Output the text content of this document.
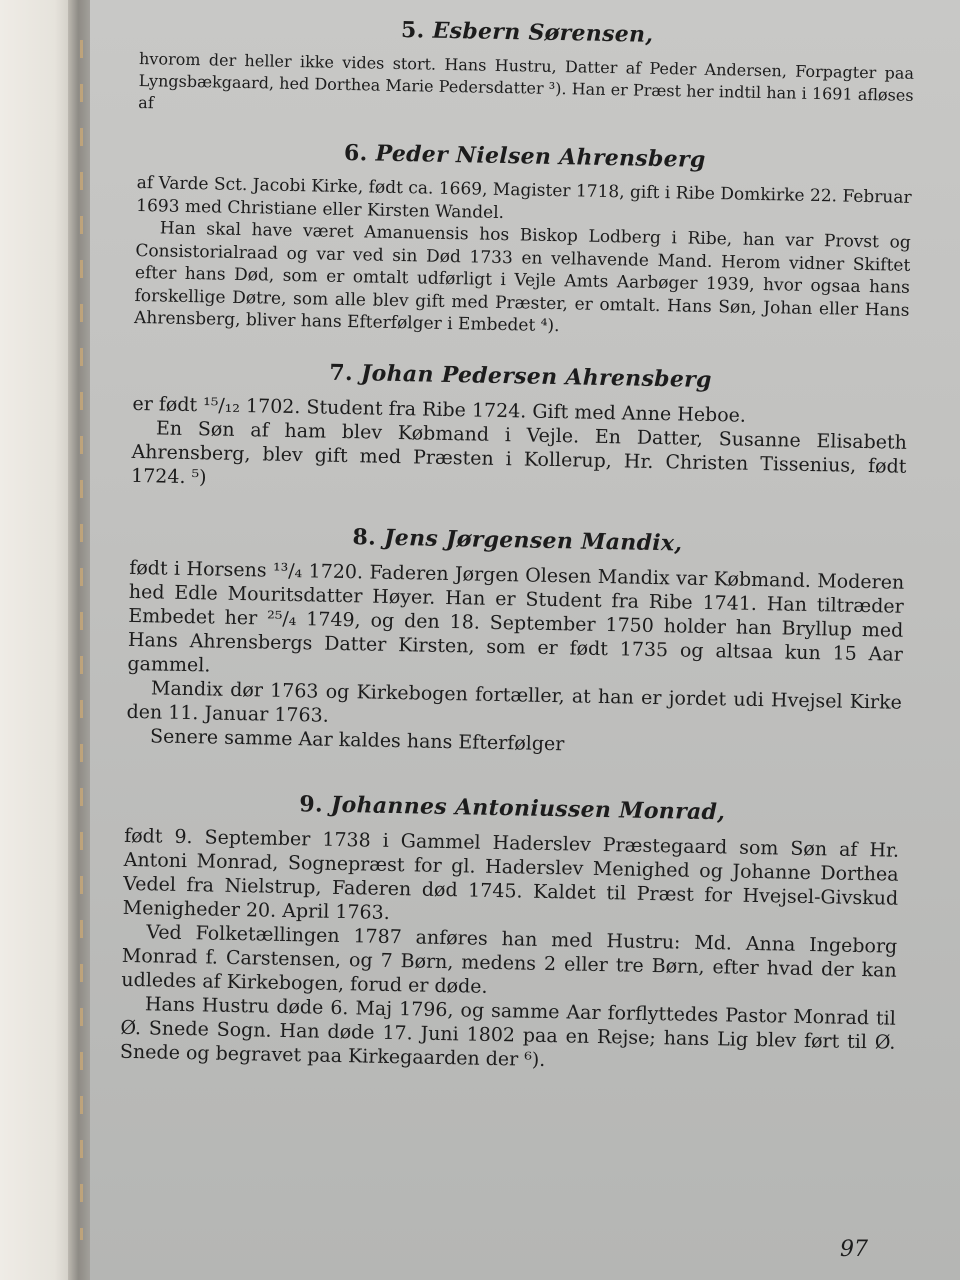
5. Esbern Sørensen,

hvorom der heller ikke vides stort. Hans Hustru, Datter af Peder Andersen, Forpagter paa Lyngsbækgaard, hed Dorthea Marie Pedersdatter ³). Han er Præst her indtil han i 1691 afløses af

6. Peder Nielsen Ahrensberg

af Varde Sct. Jacobi Kirke, født ca. 1669, Magister 1718, gift i Ribe Domkirke 22. Februar 1693 med Christiane eller Kirsten Wandel.

Han skal have været Amanuensis hos Biskop Lodberg i Ribe, han var Provst og Consistorialraad og var ved sin Død 1733 en velhavende Mand. Herom vidner Skiftet efter hans Død, som er omtalt udførligt i Vejle Amts Aarbøger 1939, hvor ogsaa hans forskellige Døtre, som alle blev gift med Præster, er omtalt. Hans Søn, Johan eller Hans Ahrensberg, bliver hans Efterfølger i Embedet ⁴).

7. Johan Pedersen Ahrensberg

er født ¹⁵/₁₂ 1702. Student fra Ribe 1724. Gift med Anne Heboe.

En Søn af ham blev Købmand i Vejle. En Datter, Susanne Elisabeth Ahrensberg, blev gift med Præsten i Kollerup, Hr. Christen Tissenius, født 1724. ⁵)

8. Jens Jørgensen Mandix,

født i Horsens ¹³/₄ 1720. Faderen Jørgen Olesen Mandix var Købmand. Moderen hed Edle Mouritsdatter Høyer. Han er Student fra Ribe 1741. Han tiltræder Embedet her ²⁵/₄ 1749, og den 18. September 1750 holder han Bryllup med Hans Ahrensbergs Datter Kirsten, som er født 1735 og altsaa kun 15 Aar gammel.

Mandix dør 1763 og Kirkebogen fortæller, at han er jordet udi Hvejsel Kirke den 11. Januar 1763.

Senere samme Aar kaldes hans Efterfølger

9. Johannes Antoniussen Monrad,

født 9. September 1738 i Gammel Haderslev Præstegaard som Søn af Hr. Antoni Monrad, Sognepræst for gl. Haderslev Menighed og Johanne Dorthea Vedel fra Nielstrup, Faderen død 1745. Kaldet til Præst for Hvejsel-Givskud Menigheder 20. April 1763.

Ved Folketællingen 1787 anføres han med Hustru: Md. Anna Ingeborg Monrad f. Carstensen, og 7 Børn, medens 2 eller tre Børn, efter hvad der kan udledes af Kirkebogen, forud er døde.

Hans Hustru døde 6. Maj 1796, og samme Aar forflyttedes Pastor Monrad til Ø. Snede Sogn. Han døde 17. Juni 1802 paa en Rejse; hans Lig blev ført til Ø. Snede og begravet paa Kirkegaarden der ⁶).

97
